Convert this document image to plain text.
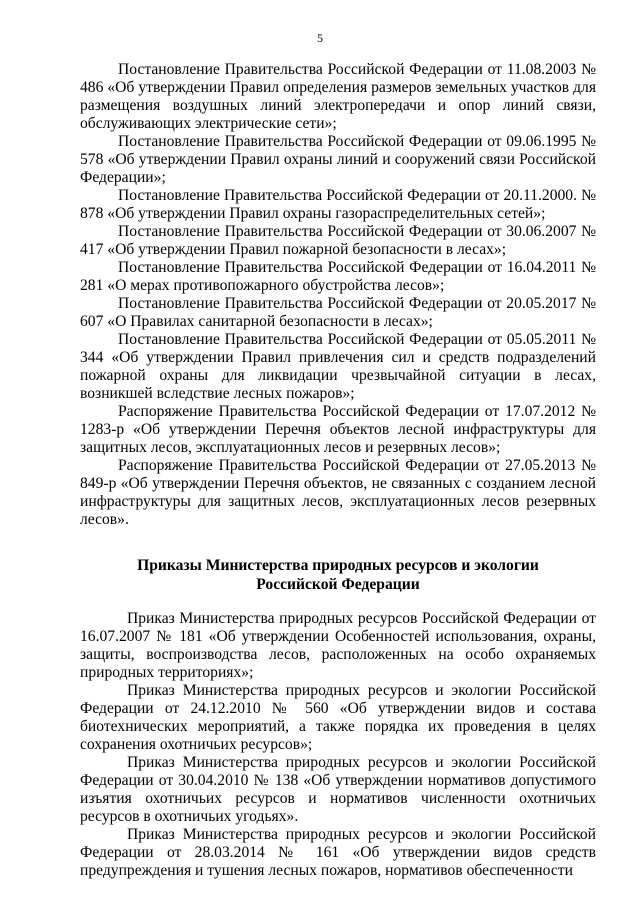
5

Постановление Правительства Российской Федерации от 11.08.2003 № 486 «Об утверждении Правил определения размеров земельных участков для размещения воздушных линий электропередачи и опор линий связи, обслуживающих электрические сети»;

Постановление Правительства Российской Федерации от 09.06.1995 № 578 «Об утверждении Правил охраны линий и сооружений связи Российской Федерации»;

Постановление Правительства Российской Федерации от 20.11.2000. № 878 «Об утверждении Правил охраны газораспределительных сетей»;

Постановление Правительства Российской Федерации от 30.06.2007 № 417 «Об утверждении Правил пожарной безопасности в лесах»;

Постановление Правительства Российской Федерации от 16.04.2011 № 281 «О мерах противопожарного обустройства лесов»;

Постановление Правительства Российской Федерации от 20.05.2017 № 607 «О Правилах санитарной безопасности в лесах»;

Постановление Правительства Российской Федерации от 05.05.2011 № 344 «Об утверждении Правил привлечения сил и средств подразделений пожарной охраны для ликвидации чрезвычайной ситуации в лесах, возникшей вследствие лесных пожаров»;

Распоряжение Правительства Российской Федерации от 17.07.2012 № 1283-р «Об утверждении Перечня объектов лесной инфраструктуры для защитных лесов, эксплуатационных лесов и резервных лесов»;

Распоряжение Правительства Российской Федерации от 27.05.2013 № 849-р «Об утверждении Перечня объектов, не связанных с созданием лесной инфраструктуры для защитных лесов, эксплуатационных лесов резервных лесов».

Приказы Министерства природных ресурсов и экологии
Российской Федерации

Приказ Министерства природных ресурсов Российской Федерации от 16.07.2007 № 181 «Об утверждении Особенностей использования, охраны, защиты, воспроизводства лесов, расположенных на особо охраняемых природных территориях»;

Приказ Министерства природных ресурсов и экологии Российской Федерации от 24.12.2010 № 560 «Об утверждении видов и состава биотехнических мероприятий, а также порядка их проведения в целях сохранения охотничьих ресурсов»;

Приказ Министерства природных ресурсов и экологии Российской Федерации от 30.04.2010 № 138 «Об утверждении нормативов допустимого изъятия охотничьих ресурсов и нормативов численности охотничьих ресурсов в охотничьих угодьях».

Приказ Министерства природных ресурсов и экологии Российской Федерации от 28.03.2014 № 161 «Об утверждении видов средств предупреждения и тушения лесных пожаров, нормативов обеспеченности
